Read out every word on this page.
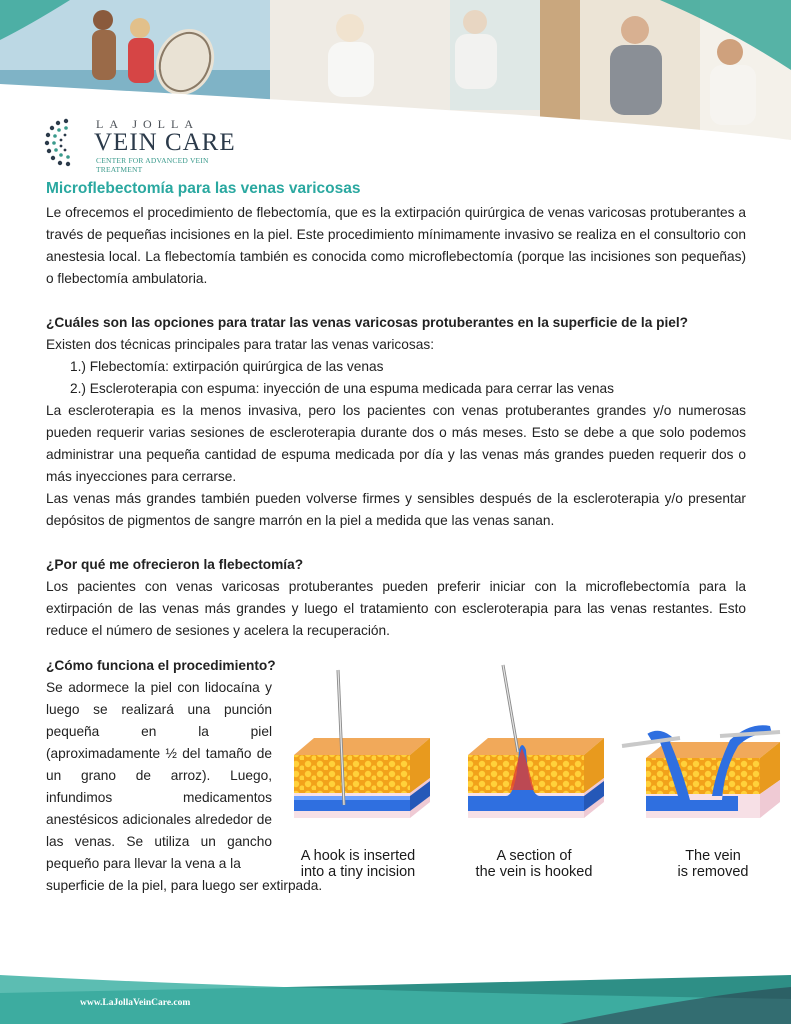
LA JOLLA
VEIN CARE
CENTER FOR ADVANCED VEIN TREATMENT
Microflebectomía para las venas varicosas

Le ofrecemos el procedimiento de flebectomía, que es la extirpación quirúrgica de venas varicosas protuberantes a través de pequeñas incisiones en la piel. Este procedimiento mínimamente invasivo se realiza en el consultorio con anestesia local. La flebectomía también es conocida como microflebectomía (porque las incisiones son pequeñas) o flebectomía ambulatoria.

¿Cuáles son las opciones para tratar las venas varicosas protuberantes en la superficie de la piel?

Existen dos técnicas principales para tratar las venas varicosas:

1.) Flebectomía: extirpación quirúrgica de las venas
2.) Escleroterapia con espuma: inyección de una espuma medicada para cerrar las venas

La escleroterapia es la menos invasiva, pero los pacientes con venas protuberantes grandes y/o numerosas pueden requerir varias sesiones de escleroterapia durante dos o más meses. Esto se debe a que solo podemos administrar una pequeña cantidad de espuma medicada por día y las venas más grandes pueden requerir dos o más inyecciones para cerrarse.

Las venas más grandes también pueden volverse firmes y sensibles después de la escleroterapia y/o presentar depósitos de pigmentos de sangre marrón en la piel a medida que las venas sanan.

¿Por qué me ofrecieron la flebectomía?

Los pacientes con venas varicosas protuberantes pueden preferir iniciar con la microflebectomía para la extirpación de las venas más grandes y luego el tratamiento con escleroterapia para las venas restantes. Esto reduce el número de sesiones y acelera la recuperación.

¿Cómo funciona el procedimiento?

Se adormece la piel con lidocaína y luego se realizará una punción pequeña en la piel (aproximadamente ½ del tamaño de un grano de arroz). Luego, infundimos medicamentos anestésicos adicionales alrededor de las venas. Se utiliza un gancho pequeño para llevar la vena a la

superficie de la piel, para luego ser extirpada.

A hook is inserted
into a tiny incision
A section of
the vein is hooked
The vein
is removed
www.LaJollaVeinCare.com
